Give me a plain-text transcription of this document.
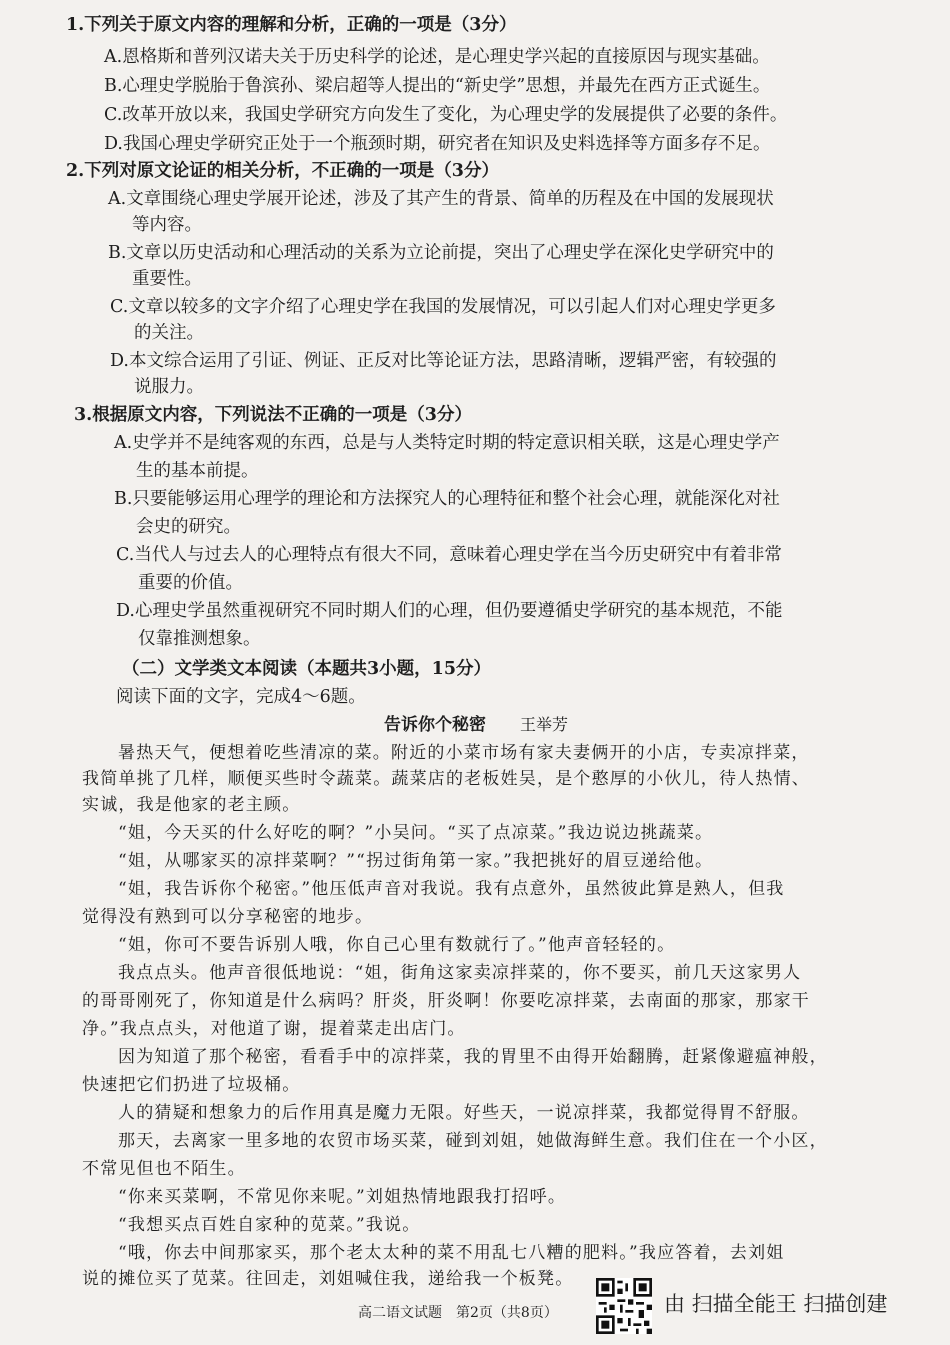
1.下列关于原文内容的理解和分析，正确的一项是（3分）
A.恩格斯和普列汉诺夫关于历史科学的论述，是心理史学兴起的直接原因与现实基础。
B.心理史学脱胎于鲁滨孙、梁启超等人提出的“新史学”思想，并最先在西方正式诞生。
C.改革开放以来，我国史学研究方向发生了变化，为心理史学的发展提供了必要的条件。
D.我国心理史学研究正处于一个瓶颈时期，研究者在知识及史料选择等方面多存不足。
2.下列对原文论证的相关分析，不正确的一项是（3分）
A.文章围绕心理史学展开论述，涉及了其产生的背景、简单的历程及在中国的发展现状
等内容。
B.文章以历史活动和心理活动的关系为立论前提，突出了心理史学在深化史学研究中的
重要性。
C.文章以较多的文字介绍了心理史学在我国的发展情况，可以引起人们对心理史学更多
的关注。
D.本文综合运用了引证、例证、正反对比等论证方法，思路清晰，逻辑严密，有较强的
说服力。
3.根据原文内容，下列说法不正确的一项是（3分）
A.史学并不是纯客观的东西，总是与人类特定时期的特定意识相关联，这是心理史学产
生的基本前提。
B.只要能够运用心理学的理论和方法探究人的心理特征和整个社会心理，就能深化对社
会史的研究。
C.当代人与过去人的心理特点有很大不同，意味着心理史学在当今历史研究中有着非常
重要的价值。
D.心理史学虽然重视研究不同时期人们的心理，但仍要遵循史学研究的基本规范，不能
仅靠推测想象。
（二）文学类文本阅读（本题共3小题，15分）
阅读下面的文字，完成4～6题。
告诉你个秘密 王举芳
暑热天气，便想着吃些清凉的菜。附近的小菜市场有家夫妻俩开的小店，专卖凉拌菜，
我简单挑了几样，顺便买些时令蔬菜。蔬菜店的老板姓吴，是个憨厚的小伙儿，待人热情、
实诚，我是他家的老主顾。
“姐，今天买的什么好吃的啊？”小吴问。“买了点凉菜。”我边说边挑蔬菜。
“姐，从哪家买的凉拌菜啊？”“拐过街角第一家。”我把挑好的眉豆递给他。
“姐，我告诉你个秘密。”他压低声音对我说。我有点意外，虽然彼此算是熟人，但我
觉得没有熟到可以分享秘密的地步。
“姐，你可不要告诉别人哦，你自己心里有数就行了。”他声音轻轻的。
我点点头。他声音很低地说：“姐，街角这家卖凉拌菜的，你不要买，前几天这家男人
的哥哥刚死了，你知道是什么病吗？肝炎，肝炎啊！你要吃凉拌菜，去南面的那家，那家干
净。”我点点头，对他道了谢，提着菜走出店门。
因为知道了那个秘密，看看手中的凉拌菜，我的胃里不由得开始翻腾，赶紧像避瘟神般，
快速把它们扔进了垃圾桶。
人的猜疑和想象力的后作用真是魔力无限。好些天，一说凉拌菜，我都觉得胃不舒服。
那天，去离家一里多地的农贸市场买菜，碰到刘姐，她做海鲜生意。我们住在一个小区，
不常见但也不陌生。
“你来买菜啊，不常见你来呢。”刘姐热情地跟我打招呼。
“我想买点百姓自家种的苋菜。”我说。
“哦，你去中间那家买，那个老太太种的菜不用乱七八糟的肥料。”我应答着，去刘姐
说的摊位买了苋菜。往回走，刘姐喊住我，递给我一个板凳。
高二语文试题　第2页（共8页）	由 扫描全能王 扫描创建
